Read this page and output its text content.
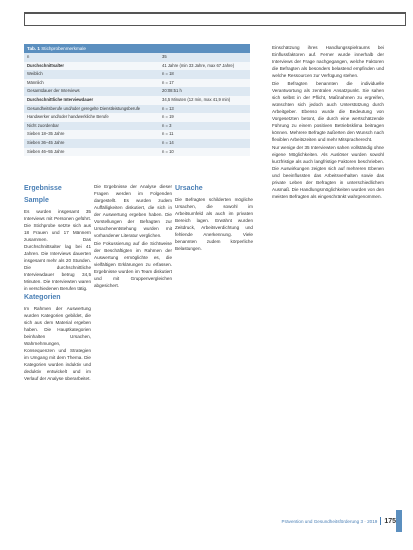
Tab. 1 Stichprobenmerkmale
n	35
Durchschnittsalter	41 Jahre (min 33 Jahre, max 67 Jahre)
Weiblich	n = 18
Männlich	n = 17
Gesamtdauer der Interviews	20:08:51 h
Durchschnittliche Interviewdauer	34,5 Minuten (12 min, max 41,9 min)
Gesundheitsberufe und/oder geregelte Dienstleistungsberufe	n = 13
Handwerker und/oder handwerkliche Berufe	n = 19
Nicht zuordenbar	n = 3
Sieben 18–35 Jahre	n = 11
Sieben 36–45 Jahre	n = 14
Sieben 46–55 Jahre	n = 10
Ergebnisse
Sample

Es wurden insgesamt 35 Interviews mit Personen geführt. Die Stichprobe setzte sich aus 18 Frauen und 17 Männern zusammen. Das Durchschnittsalter lag bei 41 Jahren. Die Interviews dauerten insgesamt mehr als 20 Stunden. Die durchschnittliche Interviewdauer betrug 34,5 Minuten. Die Interviewten waren in verschiedenen Berufen tätig.

Kategorien

Im Rahmen der Auswertung wurden Kategorien gebildet, die sich aus dem Material ergeben haben. Die Hauptkategorien beinhalten Ursachen, Wahrnehmungen, Konsequenzen und Strategien im Umgang mit dem Thema. Die Kategorien wurden induktiv und deduktiv entwickelt und im Verlauf der Analyse überarbeitet.

Die Ergebnisse der Analyse dieser Fragen werden im Folgenden dargestellt. Es wurden zudem Auffälligkeiten diskutiert, die sich in der Auswertung ergeben haben. Die Vorstellungen der Befragten zur Ursachenentstehung wurden mit vorhandener Literatur verglichen.

Die Fokussierung auf die Sichtweise der Beschäftigten im Rahmen der Auswertung ermöglichte es, die vielfältigen Erklärungen zu erfassen. Ergebnisse wurden im Team diskutiert und mit Gruppenvergleichen abgesichert.

Ursache

Die Befragten schilderten mögliche Ursachen, die sowohl im Arbeitsumfeld als auch im privaten Bereich lagen. Erwähnt wurden Zeitdruck, Arbeitsverdichtung und fehlende Anerkennung. Viele benannten zudem körperliche Belastungen.

Einschätzung ihres Handlungsspielraums bei Einflussfaktoren auf. Ferner wurde innerhalb der Interviews der Frage nachgegangen, welche Faktoren die Befragten als besonders belastend empfinden und welche Ressourcen zur Verfügung stehen.

Die Befragten benannten die individuelle Verantwortung als zentralen Ansatzpunkt. Sie sahen sich selbst in der Pflicht, Maßnahmen zu ergreifen, wünschten sich jedoch auch Unterstützung durch Arbeitgeber. Ebenso wurde die Bedeutung von Vorgesetzten betont, die durch eine wertschätzende Führung zu einem positiven Betriebsklima beitragen können. Mehrere Befragte äußerten den Wunsch nach flexiblen Arbeitszeiten und mehr Mitspracherecht.

Nur wenige der 35 Interviewten sahen vollständig ohne eigene Möglichkeiten. Als Auslöser wurden sowohl kurzfristige als auch langfristige Faktoren beschrieben. Die Auswirkungen zeigten sich auf mehreren Ebenen und beeinflussten das Arbeitsverhalten sowie das private Leben der Befragten in unterschiedlichem Ausmaß. Die Handlungsmöglichkeiten wurden von den meisten Befragten als eingeschränkt wahrgenommen.

Prävention und Gesundheitsförderung 3 · 2019 175
